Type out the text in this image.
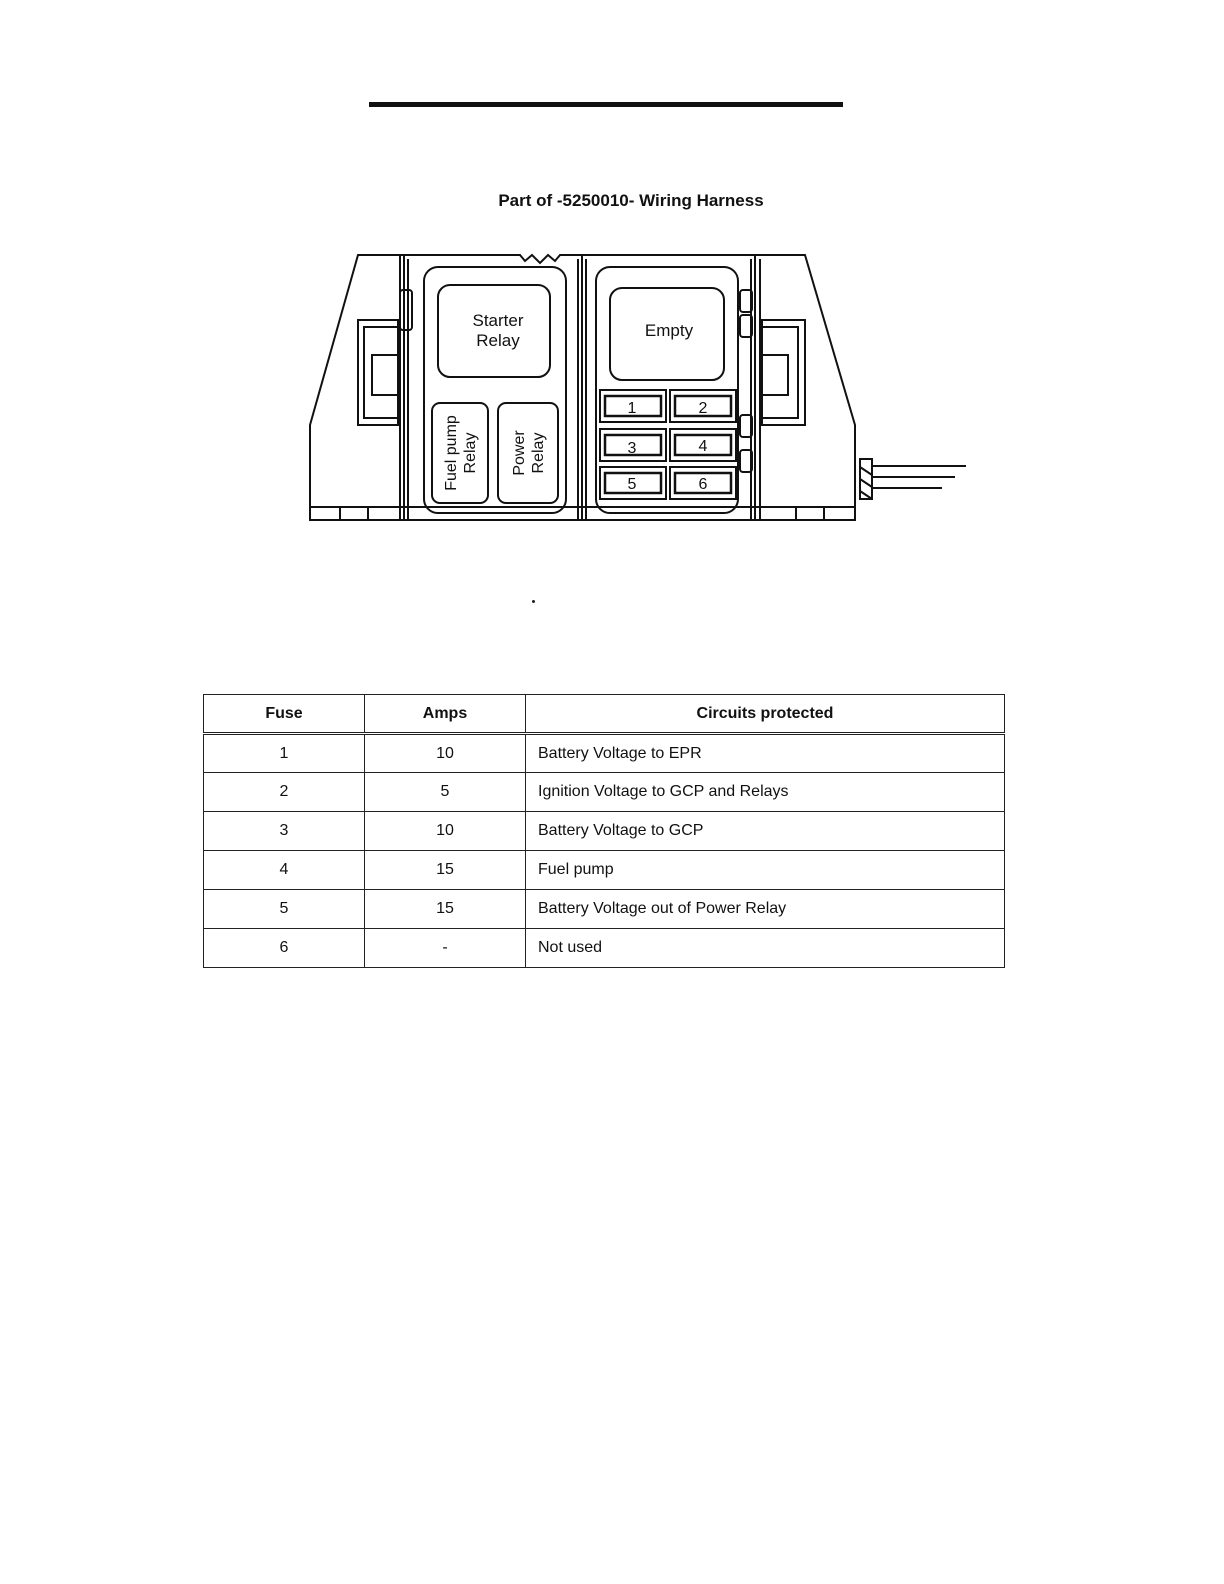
Part of -5250010- Wiring Harness
Starter
Relay
Fuel pump Relay Power Relay
Empty
1	2
3	4
5	6
Fuse	Amps	Circuits protected
1	10	Battery Voltage to EPR
2	5	Ignition Voltage to GCP and Relays
3	10	Battery Voltage to GCP
4	15	Fuel pump
5	15	Battery Voltage out of Power Relay
6	-	Not used
